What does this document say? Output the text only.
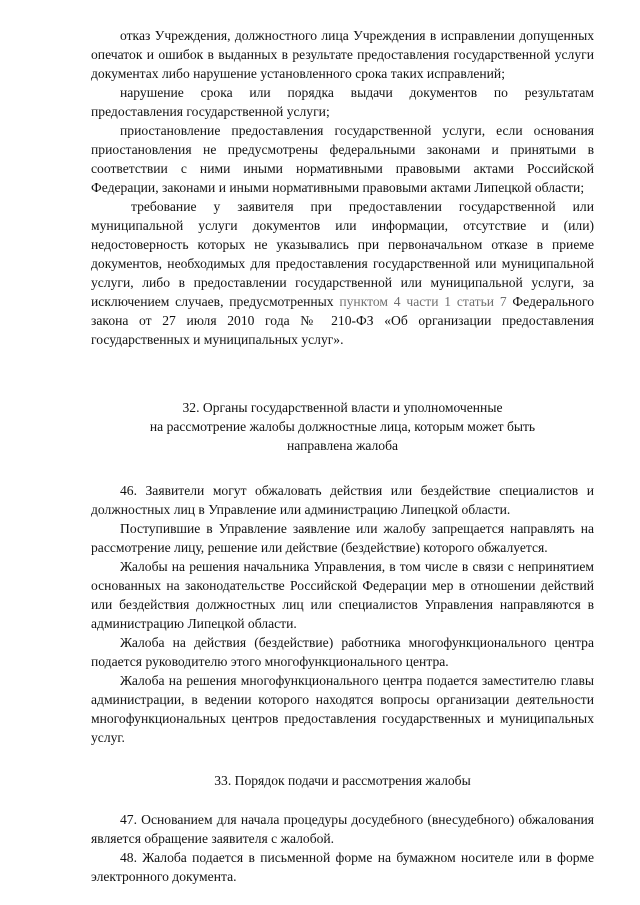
отказ Учреждения, должностного лица Учреждения в исправлении допущенных опечаток и ошибок в выданных в результате предоставления государственной услуги документах либо нарушение установленного срока таких исправлений;

нарушение срока или порядка выдачи документов по результатам предоставления государственной услуги;

приостановление предоставления государственной услуги, если основания приостановления не предусмотрены федеральными законами и принятыми в соответствии с ними иными нормативными правовыми актами Российской Федерации, законами и иными нормативными правовыми актами Липецкой области;

требование у заявителя при предоставлении государственной или муниципальной услуги документов или информации, отсутствие и (или) недостоверность которых не указывались при первоначальном отказе в приеме документов, необходимых для предоставления государственной или муниципальной услуги, либо в предоставлении государственной или муниципальной услуги, за исключением случаев, предусмотренных пунктом 4 части 1 статьи 7 Федерального закона от 27 июля 2010 года № 210-ФЗ «Об организации предоставления государственных и муниципальных услуг».

32. Органы государственной власти и уполномоченные

на рассмотрение жалобы должностные лица, которым может быть

направлена жалоба

46. Заявители могут обжаловать действия или бездействие специалистов и должностных лиц в Управление или администрацию Липецкой области.

Поступившие в Управление заявление или жалобу запрещается направлять на рассмотрение лицу, решение или действие (бездействие) которого обжалуется.

Жалобы на решения начальника Управления, в том числе в связи с непринятием основанных на законодательстве Российской Федерации мер в отношении действий или бездействия должностных лиц или специалистов Управления направляются в администрацию Липецкой области.

Жалоба на действия (бездействие) работника многофункционального центра подается руководителю этого многофункционального центра.

Жалоба на решения многофункционального центра подается заместителю главы администрации, в ведении которого находятся вопросы организации деятельности многофункциональных центров предоставления государственных и муниципальных услуг.

33. Порядок подачи и рассмотрения жалобы

47. Основанием для начала процедуры досудебного (внесудебного) обжалования является обращение заявителя с жалобой.

48. Жалоба подается в письменной форме на бумажном носителе или в форме электронного документа.
